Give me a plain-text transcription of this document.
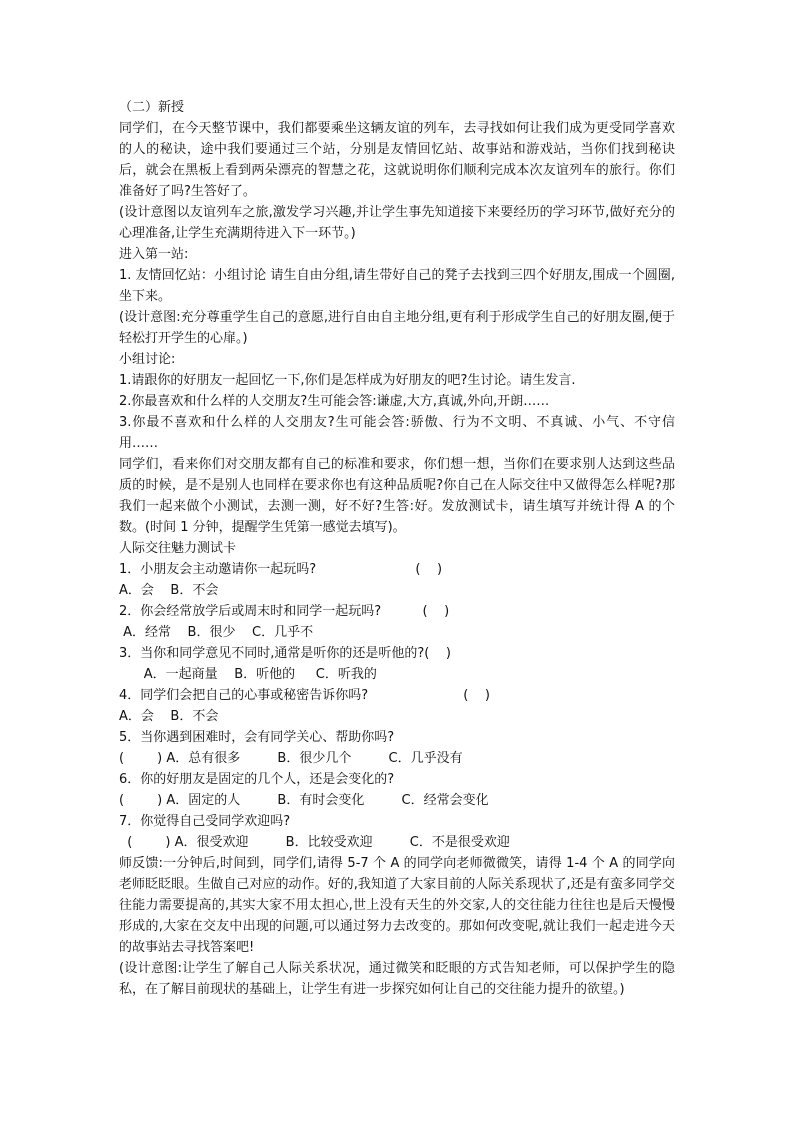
（二）新授

同学们，在今天整节课中，我们都要乘坐这辆友谊的列车，去寻找如何让我们成为更受同学喜欢的人的秘诀，途中我们要通过三个站，分别是友情回忆站、故事站和游戏站，当你们找到秘诀后，就会在黑板上看到两朵漂亮的智慧之花，这就说明你们顺利完成本次友谊列车的旅行。你们准备好了吗?生答好了。

(设计意图以友谊列车之旅,激发学习兴趣,并让学生事先知道接下来要经历的学习环节,做好充分的心理准备,让学生充满期待进入下一环节。)

进入第一站:

1. 友情回忆站：小组讨论 请生自由分组,请生带好自己的凳子去找到三四个好朋友,围成一个圆圈,坐下来。

(设计意图:充分尊重学生自己的意愿,进行自由自主地分组,更有利于形成学生自己的好朋友圈,便于轻松打开学生的心扉。)

小组讨论:

1.请跟你的好朋友一起回忆一下,你们是怎样成为好朋友的吧?生讨论。请生发言.

2.你最喜欢和什么样的人交朋友?生可能会答:谦虚,大方,真诚,外向,开朗……

3.你最不喜欢和什么样的人交朋友?生可能会答:骄傲、行为不文明、不真诚、小气、不守信用……

同学们，看来你们对交朋友都有自己的标准和要求，你们想一想，当你们在要求别人达到这些品质的时候，是不是别人也同样在要求你也有这种品质呢?你自己在人际交往中又做得怎么样呢?那我们一起来做个小测试，去测一测，好不好?生答:好。发放测试卡，请生填写并统计得 A 的个数。(时间 1 分钟，提醒学生凭第一感觉去填写)。

人际交往魅力测试卡

1．小朋友会主动邀请你一起玩吗?                        (    )

A．会    B．不会

2．你会经常放学后或周末时和同学一起玩吗?          (    )

A．经常    B．很少    C．几乎不

3．当你和同学意见不同时,通常是听你的还是听他的?(    )

A．一起商量    B．听他的     C．听我的

4．同学们会把自己的心事或秘密告诉你吗?                       (    )

A．会    B．不会

5．当你遇到困难时，会有同学关心、帮助你吗?

(        ) A．总有很多         B．很少几个         C．几乎没有

6．你的好朋友是固定的几个人，还是会变化的?

(        ) A．固定的人         B．有时会变化         C．经常会变化

7．你觉得自己受同学欢迎吗?

(        ) A．很受欢迎         B．比较受欢迎         C．不是很受欢迎

师反馈:一分钟后,时间到，同学们,请得 5-7 个 A 的同学向老师微微笑，请得 1-4 个 A 的同学向老师眨眨眼。生做自己对应的动作。好的,我知道了大家目前的人际关系现状了,还是有蛮多同学交往能力需要提高的,其实大家不用太担心,世上没有天生的外交家,人的交往能力往往也是后天慢慢形成的,大家在交友中出现的问题,可以通过努力去改变的。那如何改变呢,就让我们一起走进今天的故事站去寻找答案吧!

(设计意图:让学生了解自己人际关系状况，通过微笑和眨眼的方式告知老师，可以保护学生的隐私，在了解目前现状的基础上，让学生有进一步探究如何让自己的交往能力提升的欲望。)
